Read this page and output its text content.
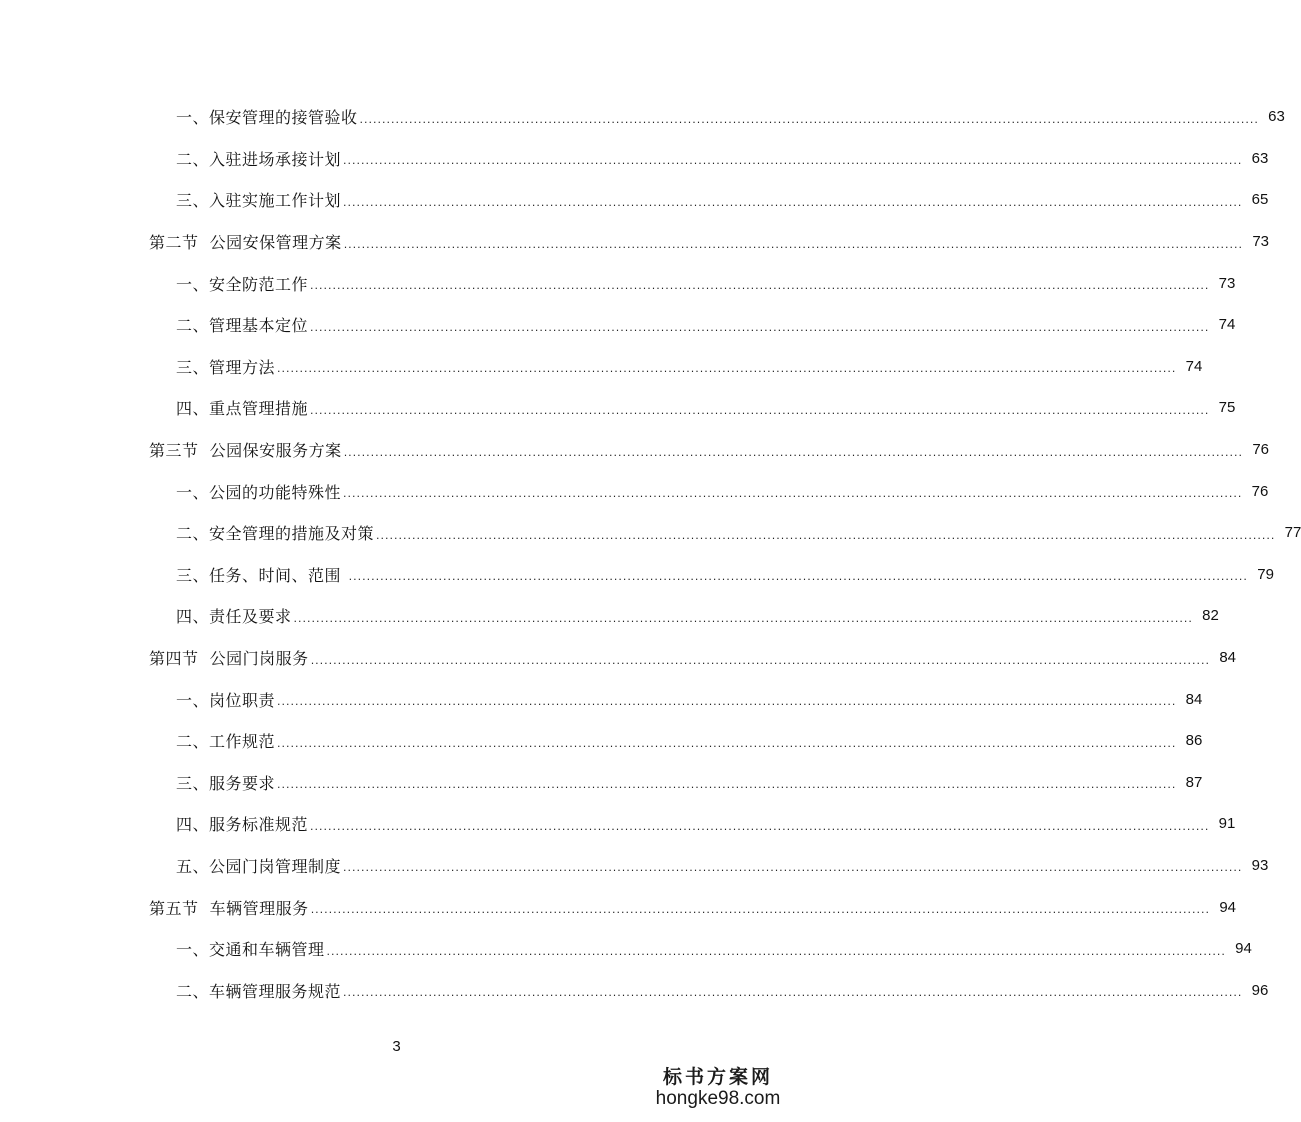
一、保安管理的接管验收 ........................................................................................................................................................................................................ 63
二、入驻进场承接计划 ........................................................................................................................................................................................................ 63
三、入驻实施工作计划 ........................................................................................................................................................................................................ 65
第二节  公园安保管理方案 ........................................................................................................................................................................................................ 73
一、安全防范工作 ........................................................................................................................................................................................................ 73
二、管理基本定位 ........................................................................................................................................................................................................ 74
三、管理方法 ........................................................................................................................................................................................................ 74
四、重点管理措施 ........................................................................................................................................................................................................ 75
第三节  公园保安服务方案 ........................................................................................................................................................................................................ 76
一、公园的功能特殊性 ........................................................................................................................................................................................................ 76
二、安全管理的措施及对策 ........................................................................................................................................................................................................ 77
三、任务、时间、范围 ........................................................................................................................................................................................................ 79
四、责任及要求 ........................................................................................................................................................................................................ 82
第四节  公园门岗服务 ........................................................................................................................................................................................................ 84
一、岗位职责 ........................................................................................................................................................................................................ 84
二、工作规范 ........................................................................................................................................................................................................ 86
三、服务要求 ........................................................................................................................................................................................................ 87
四、服务标准规范 ........................................................................................................................................................................................................ 91
五、公园门岗管理制度 ........................................................................................................................................................................................................ 93
第五节  车辆管理服务 ........................................................................................................................................................................................................ 94
一、交通和车辆管理 ........................................................................................................................................................................................................ 94
二、车辆管理服务规范 ........................................................................................................................................................................................................ 96
3
标书方案网
hongke98.com
